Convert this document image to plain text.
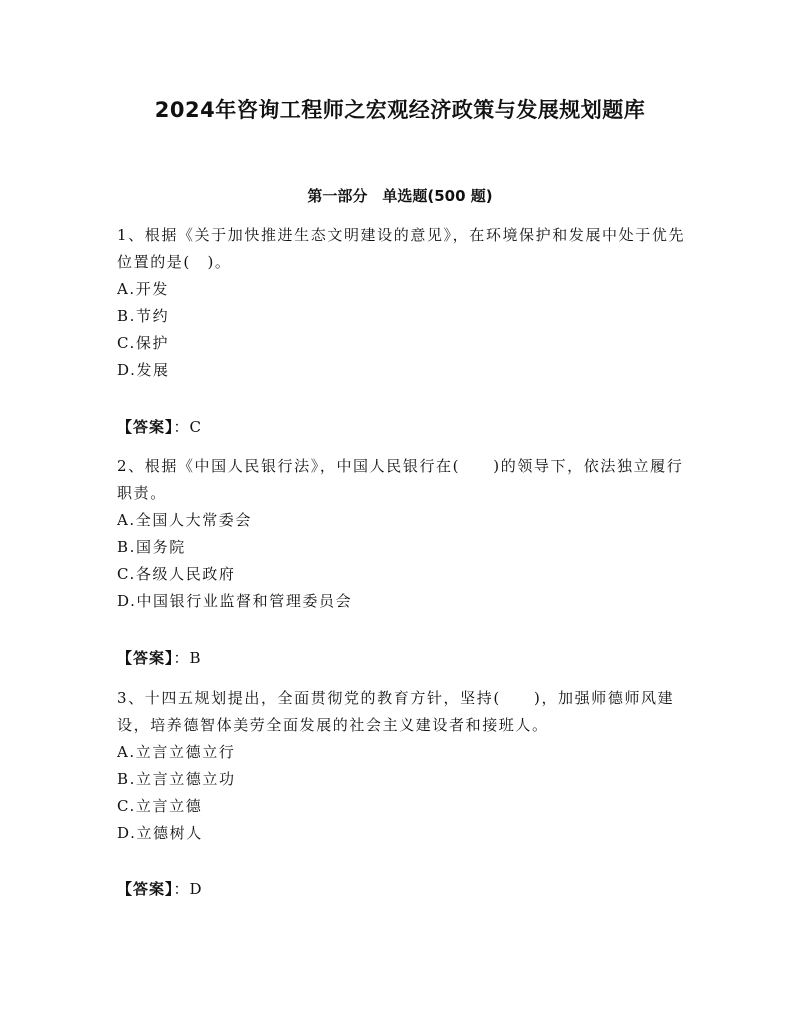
2024年咨询工程师之宏观经济政策与发展规划题库
第一部分　单选题(500 题)

1、根据《关于加快推进生态文明建设的意见》，在环境保护和发展中处于优先位置的是(　)。

A.开发
B.节约
C.保护
D.发展
【答案】：C

2、根据《中国人民银行法》，中国人民银行在(　　)的领导下，依法独立履行职责。

A.全国人大常委会
B.国务院
C.各级人民政府
D.中国银行业监督和管理委员会
【答案】：B

3、十四五规划提出，全面贯彻党的教育方针，坚持(　　)，加强师德师风建设，培养德智体美劳全面发展的社会主义建设者和接班人。

A.立言立德立行
B.立言立德立功
C.立言立德
D.立德树人
【答案】：D
